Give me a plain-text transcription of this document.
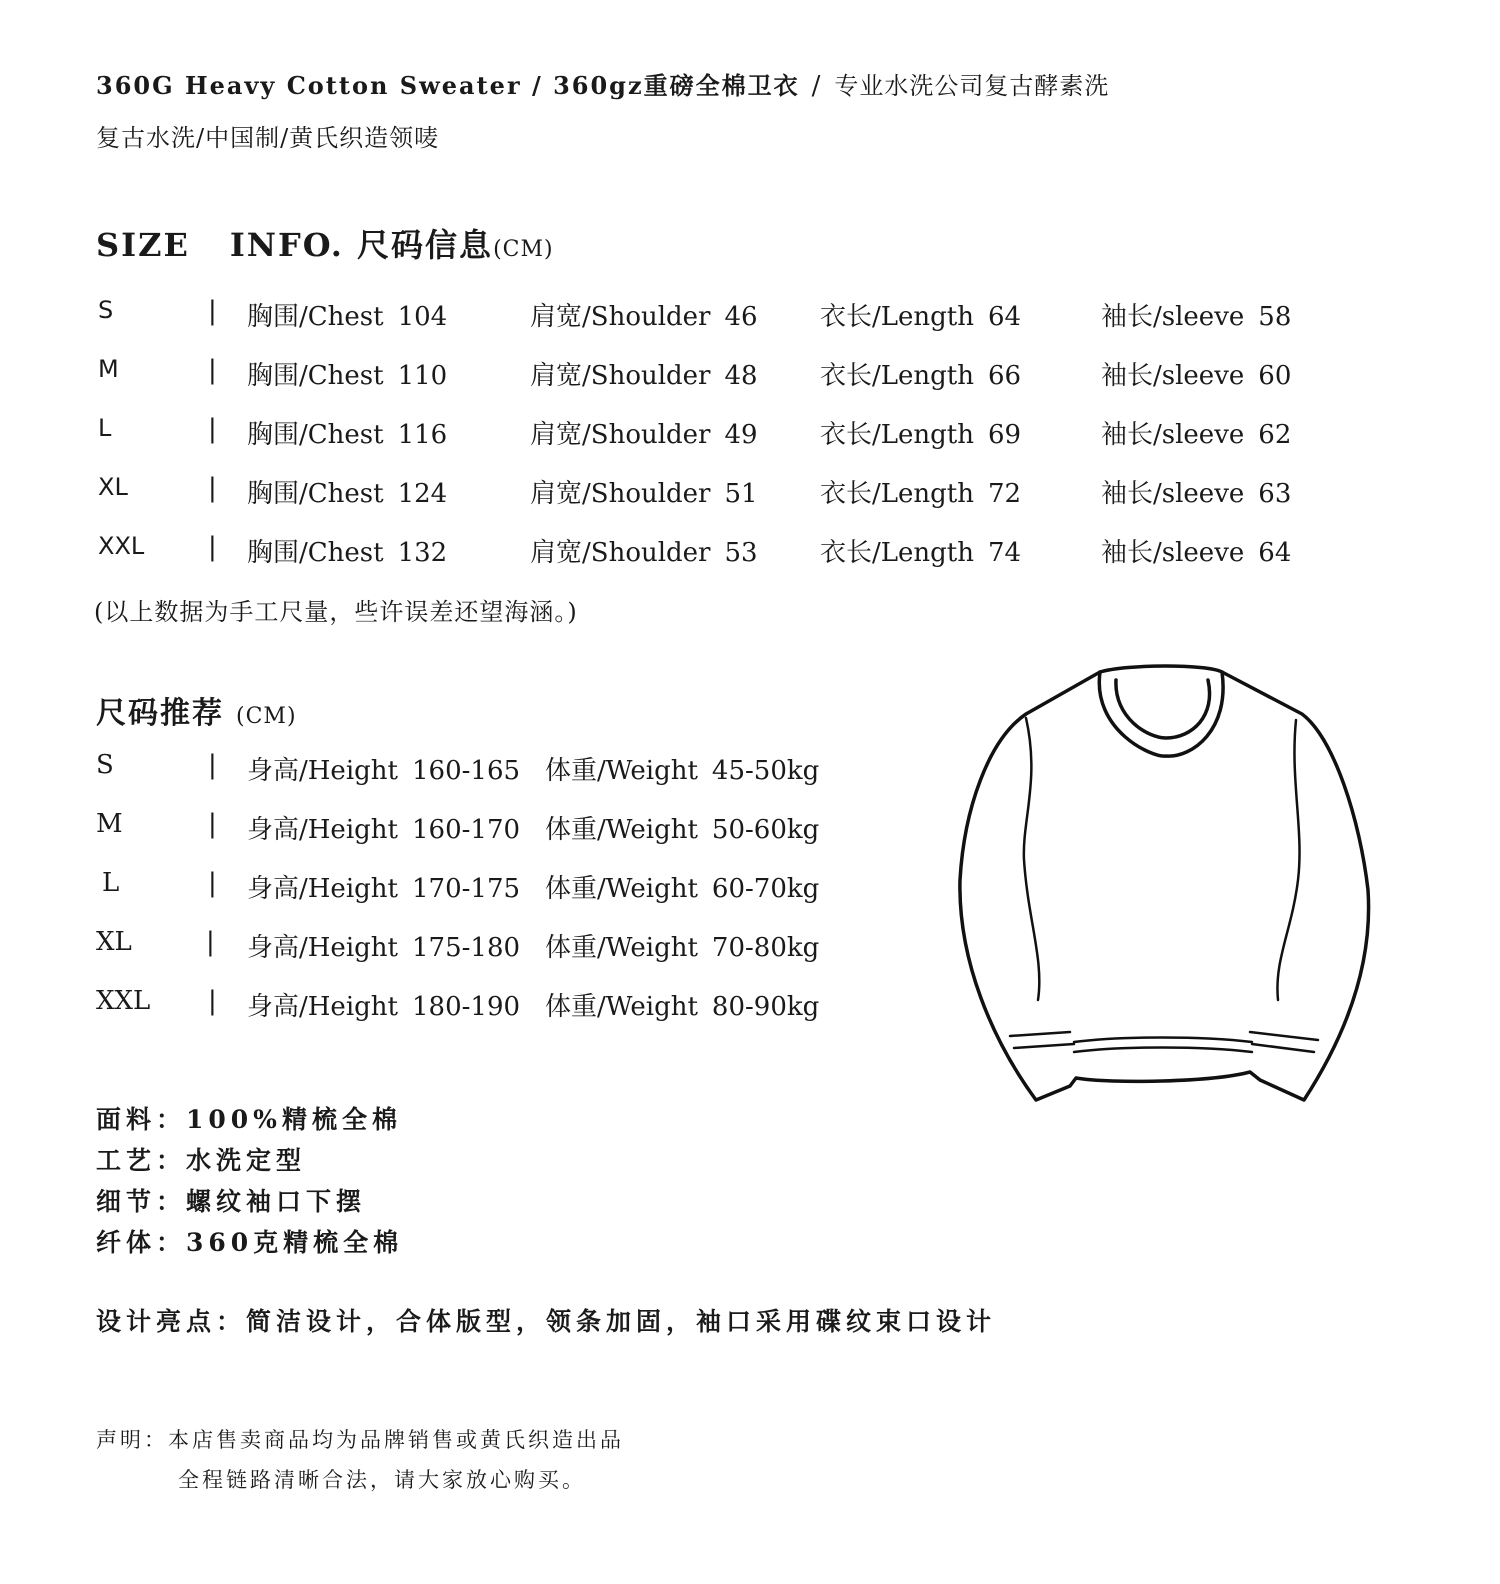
360G Heavy Cotton Sweater / 360gz重磅全棉卫衣 / 专业水洗公司复古酵素洗
复古水洗/中国制/黄氏织造领唛
SIZE INFO. 尺码信息(CM)
S	| 胸围/Chest 104	肩宽/Shoulder 46 衣长/Length 64	袖长/sleeve 58
M	| 胸围/Chest 110	肩宽/Shoulder 48 衣长/Length 66	袖长/sleeve 60
L	| 胸围/Chest 116	肩宽/Shoulder 49 衣长/Length 69	袖长/sleeve 62
XL	| 胸围/Chest 124	肩宽/Shoulder 51 衣长/Length 72	袖长/sleeve 63
XXL | 胸围/Chest 132	肩宽/Shoulder 53 衣长/Length 74	袖长/sleeve 64
(以上数据为手工尺量，些许误差还望海涵。)
尺码推荐 (CM)
S	| 身高/Height 160-165 体重/Weight 45-50kg
M	| 身高/Height 160-170 体重/Weight 50-60kg
L	| 身高/Height 170-175 体重/Weight 60-70kg
XL	| 身高/Height 175-180 体重/Weight 70-80kg
XXL | 身高/Height 180-190 体重/Weight 80-90kg
面料：100%精梳全棉
工艺：水洗定型
细节：螺纹袖口下摆
纤体：360克精梳全棉
设计亮点：简洁设计，合体版型，领条加固，袖口采用碟纹束口设计
声明：本店售卖商品均为品牌销售或黄氏织造出品
全程链路清晰合法，请大家放心购买。
